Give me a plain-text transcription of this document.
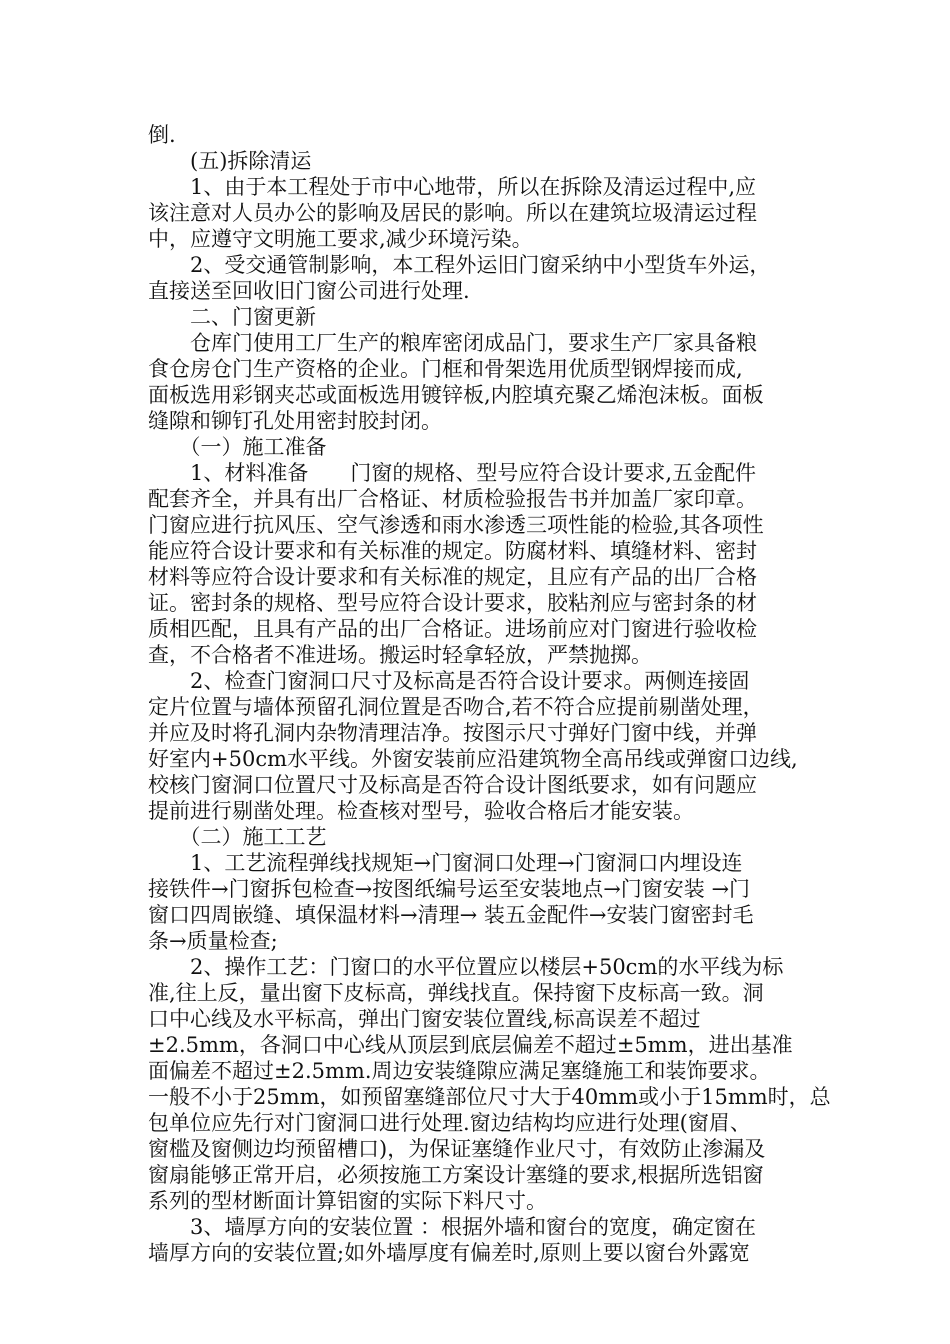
倒.
　　(五)拆除清运
　　1、由于本工程处于市中心地带，所以在拆除及清运过程中,应
该注意对人员办公的影响及居民的影响。所以在建筑垃圾清运过程
中，应遵守文明施工要求,减少环境污染。
　　2、受交通管制影响，本工程外运旧门窗采纳中小型货车外运，
直接送至回收旧门窗公司进行处理.
　　二、门窗更新
　　仓库门使用工厂生产的粮库密闭成品门，要求生产厂家具备粮
食仓房仓门生产资格的企业。门框和骨架选用优质型钢焊接而成,
面板选用彩钢夹芯或面板选用镀锌板,内腔填充聚乙烯泡沫板。面板
缝隙和铆钉孔处用密封胶封闭。
　　（一）施工准备
　　1、材料准备　　门窗的规格、型号应符合设计要求,五金配件
配套齐全，并具有出厂合格证、材质检验报告书并加盖厂家印章。
门窗应进行抗风压、空气渗透和雨水渗透三项性能的检验,其各项性
能应符合设计要求和有关标准的规定。防腐材料、填缝材料、密封
材料等应符合设计要求和有关标准的规定，且应有产品的出厂合格
证。密封条的规格、型号应符合设计要求，胶粘剂应与密封条的材
质相匹配，且具有产品的出厂合格证。进场前应对门窗进行验收检
查，不合格者不准进场。搬运时轻拿轻放，严禁抛掷。
　　2、检查门窗洞口尺寸及标高是否符合设计要求。两侧连接固
定片位置与墙体预留孔洞位置是否吻合,若不符合应提前剔凿处理，
并应及时将孔洞内杂物清理洁净。按图示尺寸弹好门窗中线，并弹
好室内+50cm水平线。外窗安装前应沿建筑物全高吊线或弹窗口边线,
校核门窗洞口位置尺寸及标高是否符合设计图纸要求，如有问题应
提前进行剔凿处理。检查核对型号，验收合格后才能安装。
　　（二）施工工艺
　　1、工艺流程弹线找规矩→门窗洞口处理→门窗洞口内埋设连
接铁件→门窗拆包检查→按图纸编号运至安装地点→门窗安装 →门
窗口四周嵌缝、填保温材料→清理→ 装五金配件→安装门窗密封毛
条→质量检查;
　　2、操作工艺：门窗口的水平位置应以楼层+50cm的水平线为标
准,往上反，量出窗下皮标高，弹线找直。保持窗下皮标高一致。洞
口中心线及水平标高，弹出门窗安装位置线,标高误差不超过
±2.5mm，各洞口中心线从顶层到底层偏差不超过±5mm，进出基准
面偏差不超过±2.5mm.周边安装缝隙应满足塞缝施工和装饰要求。
一般不小于25mm，如预留塞缝部位尺寸大于40mm或小于15mm时，总
包单位应先行对门窗洞口进行处理.窗边结构均应进行处理(窗眉、
窗槛及窗侧边均预留槽口)，为保证塞缝作业尺寸，有效防止渗漏及
窗扇能够正常开启，必须按施工方案设计塞缝的要求,根据所选铝窗
系列的型材断面计算铝窗的实际下料尺寸。
　　3、墙厚方向的安装位置 ：根据外墙和窗台的宽度，确定窗在
墙厚方向的安装位置;如外墙厚度有偏差时,原则上要以窗台外露宽
